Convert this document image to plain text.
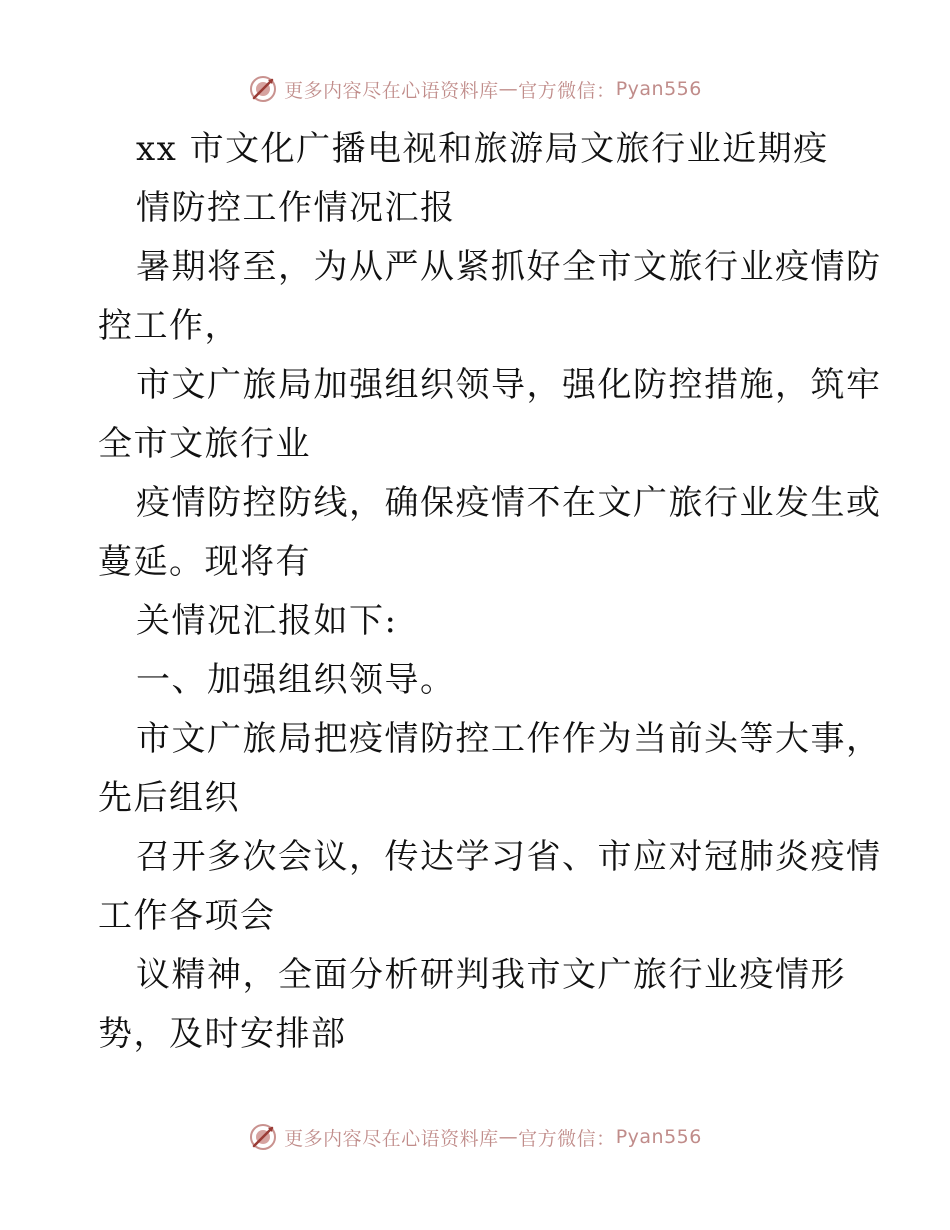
更多内容尽在心语资料库 — 官方微信： Pyan556
xx 市文化广播电视和旅游局文旅行业近期疫
情防控工作情况汇报
暑期将至，为从严从紧抓好全市文旅行业疫情防
控工作，
市文广旅局加强组织领导，强化防控措施，筑牢
全市文旅行业
疫情防控防线，确保疫情不在文广旅行业发生或
蔓延。现将有
关情况汇报如下:
一、加强组织领导。
市文广旅局把疫情防控工作作为当前头等大事，
先后组织
召开多次会议，传达学习省、市应对冠肺炎疫情
工作各项会
议精神，全面分析研判我市文广旅行业疫情形
势，及时安排部
更多内容尽在心语资料库 — 官方微信： Pyan556
